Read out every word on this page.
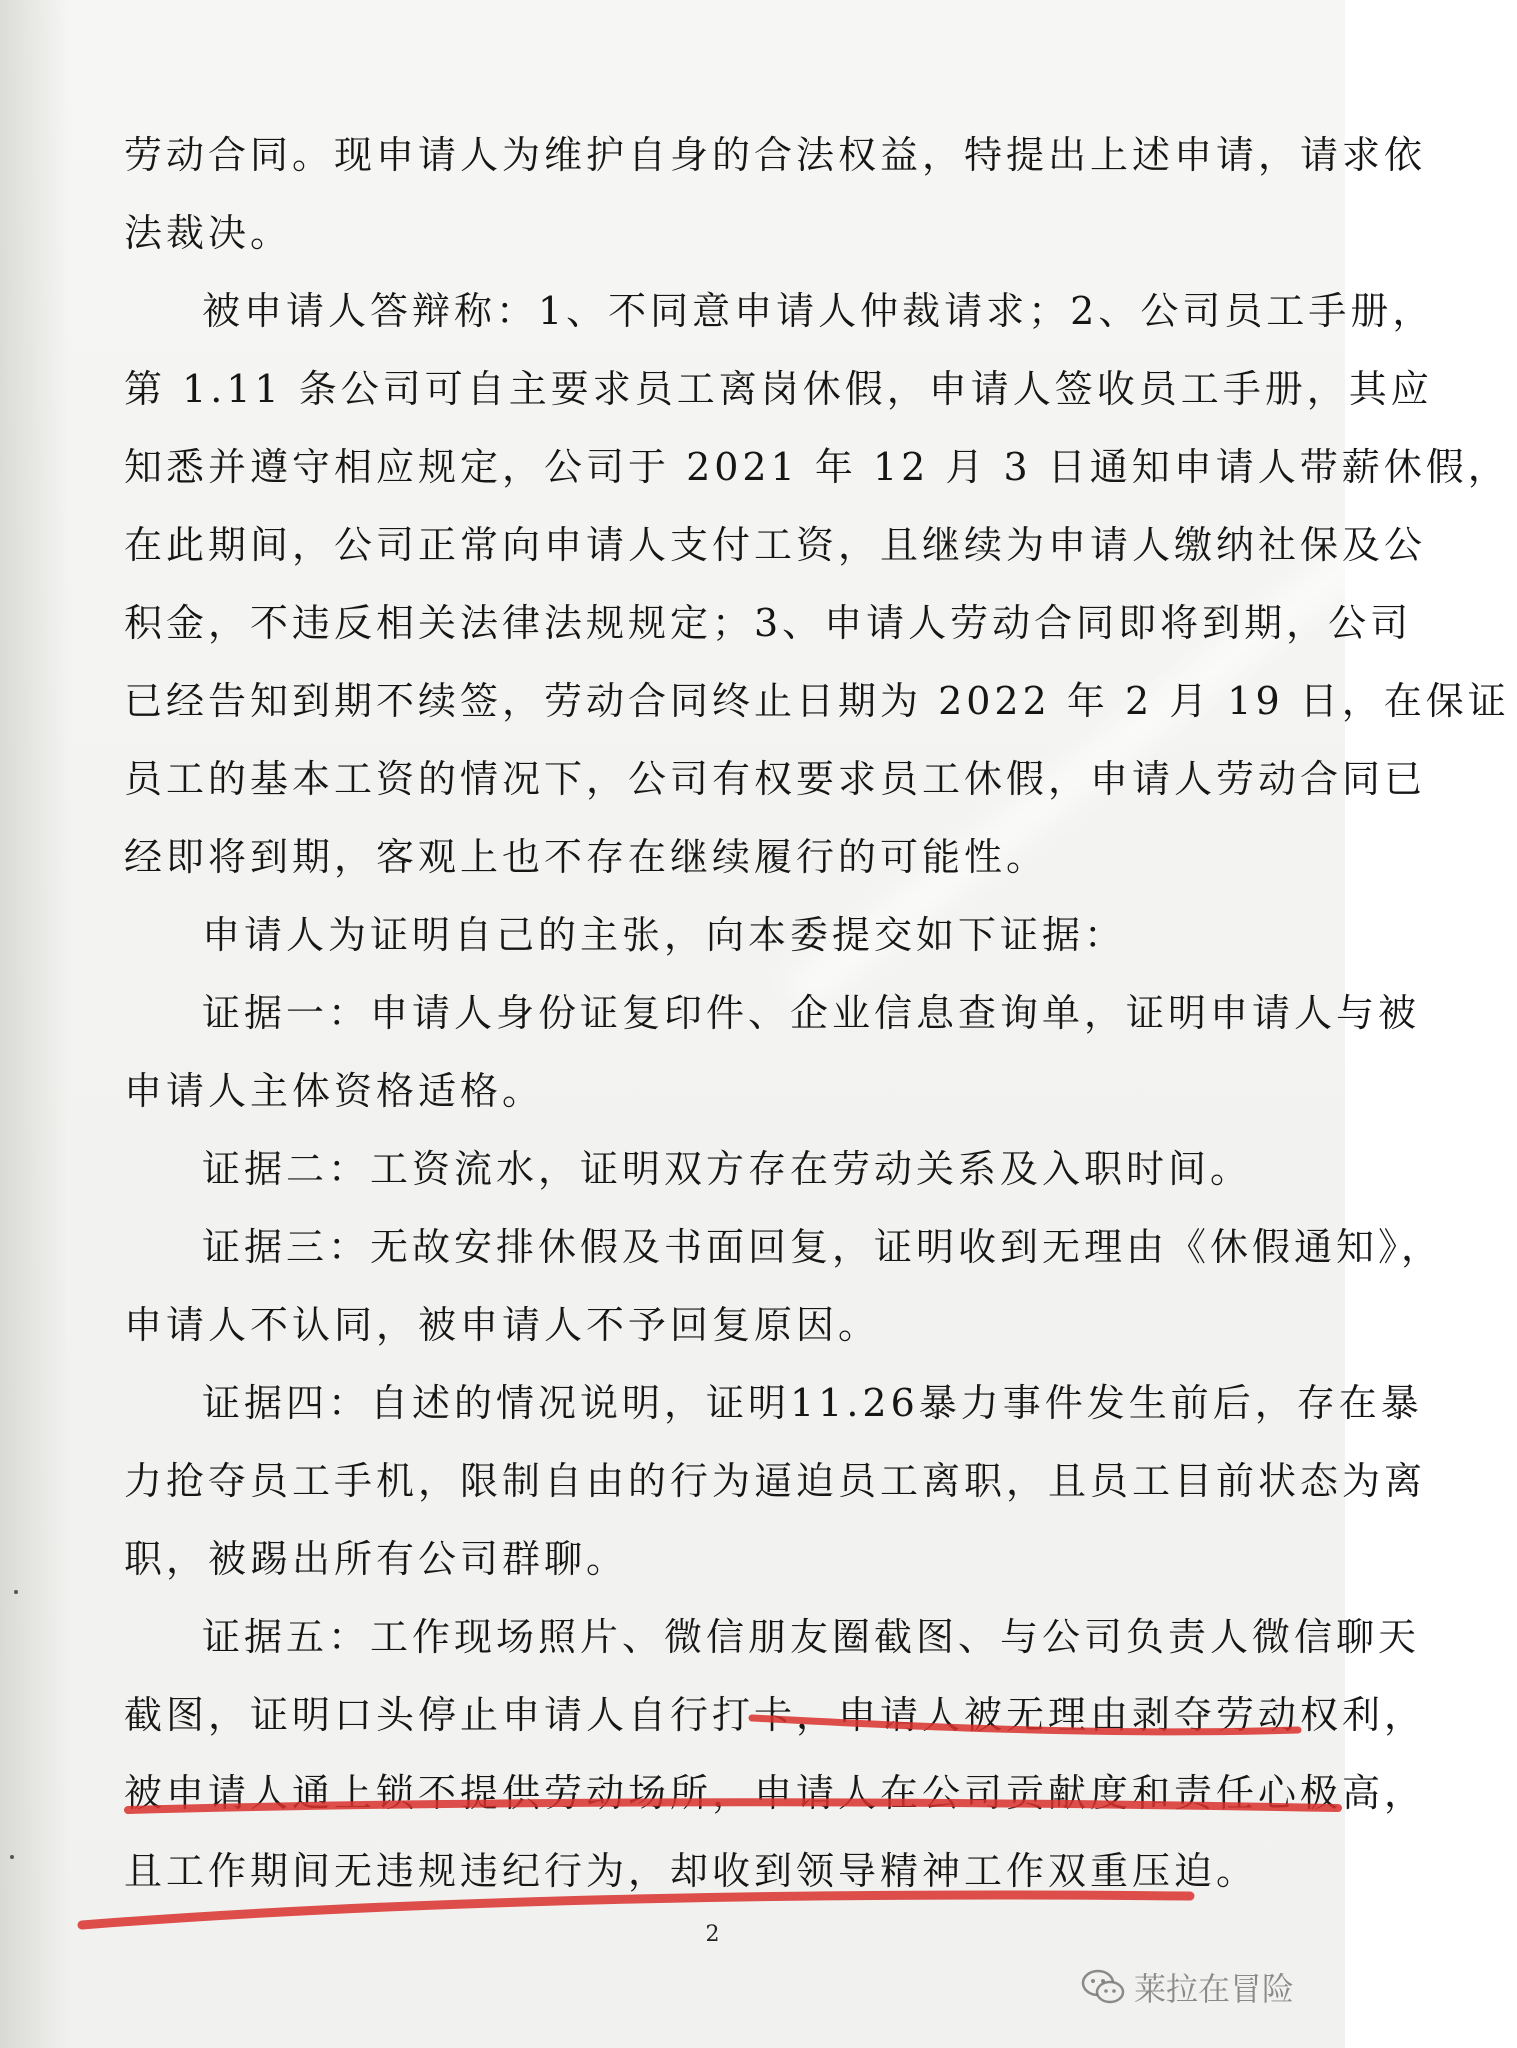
劳动合同。现申请人为维护自身的合法权益，特提出上述申请，请求依
法裁决。
被申请人答辩称：1、不同意申请人仲裁请求；2、公司员工手册，
第 1.11 条公司可自主要求员工离岗休假，申请人签收员工手册，其应
知悉并遵守相应规定，公司于 2021 年 12 月 3 日通知申请人带薪休假，
在此期间，公司正常向申请人支付工资，且继续为申请人缴纳社保及公
积金，不违反相关法律法规规定；3、申请人劳动合同即将到期，公司
已经告知到期不续签，劳动合同终止日期为 2022 年 2 月 19 日，在保证
员工的基本工资的情况下，公司有权要求员工休假，申请人劳动合同已
经即将到期，客观上也不存在继续履行的可能性。
申请人为证明自己的主张，向本委提交如下证据：
证据一：申请人身份证复印件、企业信息查询单，证明申请人与被
申请人主体资格适格。
证据二：工资流水，证明双方存在劳动关系及入职时间。
证据三：无故安排休假及书面回复，证明收到无理由《休假通知》，
申请人不认同，被申请人不予回复原因。
证据四：自述的情况说明，证明11.26暴力事件发生前后，存在暴
力抢夺员工手机，限制自由的行为逼迫员工离职，且员工目前状态为离
职，被踢出所有公司群聊。
证据五：工作现场照片、微信朋友圈截图、与公司负责人微信聊天
截图，证明口头停止申请人自行打卡，申请人被无理由剥夺劳动权利，
被申请人通上锁不提供劳动场所，申请人在公司贡献度和责任心极高，
且工作期间无违规违纪行为，却收到领导精神工作双重压迫。
2
莱拉在冒险
